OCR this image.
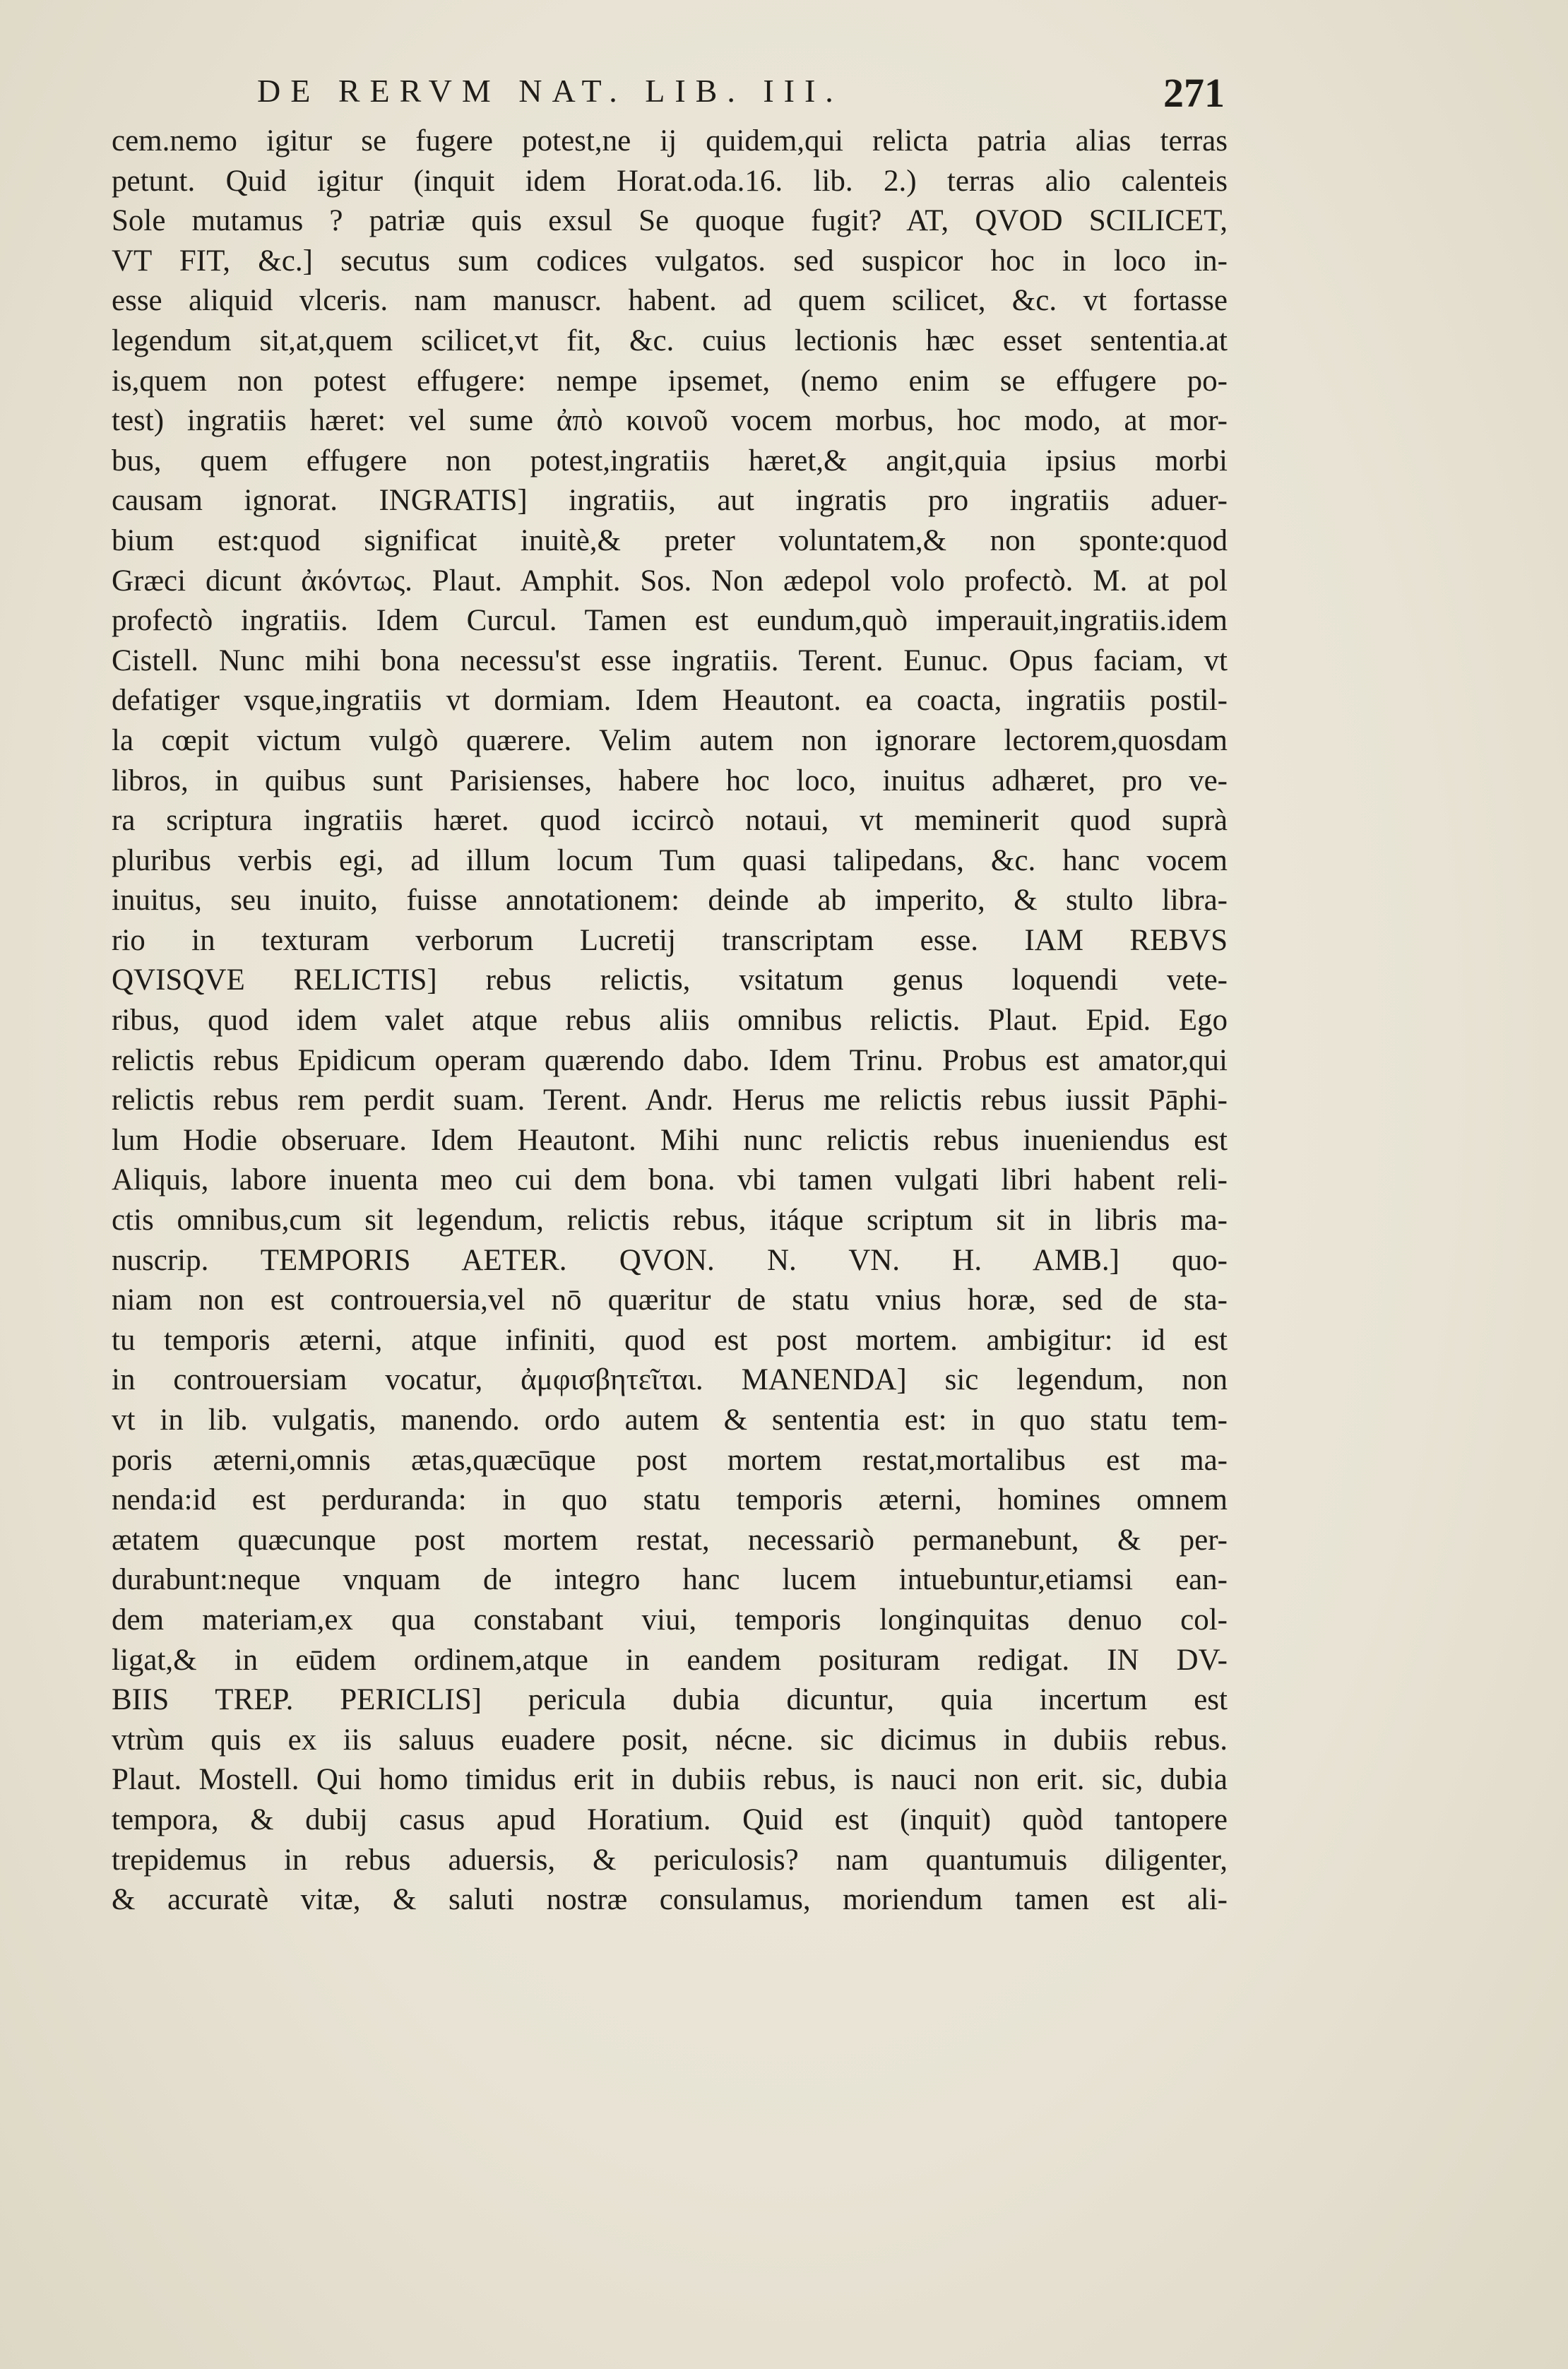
DE RERVM NAT. LIB. III.	271
cem.nemo igitur se fugere potest,ne ij quidem,qui relicta patria alias terras
petunt. Quid igitur (inquit idem Horat.oda.16. lib. 2.) terras alio calenteis
Sole mutamus ? patriæ quis exsul Se quoque fugit? AT, QVOD SCILICET,
VT FIT, &c.] secutus sum codices vulgatos. sed suspicor hoc in loco in-
esse aliquid vlceris. nam manuscr. habent. ad quem scilicet, &c. vt fortasse
legendum sit,at,quem scilicet,vt fit, &c. cuius lectionis hæc esset sententia.at
is,quem non potest effugere: nempe ipsemet, (nemo enim se effugere po-
test) ingratiis hæret: vel sume ἀπὸ κοινοῦ vocem morbus, hoc modo, at mor-
bus, quem effugere non potest,ingratiis hæret,& angit,quia ipsius morbi
causam ignorat. INGRATIS] ingratiis, aut ingratis pro ingratiis aduer-
bium est:quod significat inuitè,& preter voluntatem,& non sponte:quod
Græci dicunt ἀκόντως. Plaut. Amphit. Sos. Non ædepol volo profectò. M. at pol
profectò ingratiis. Idem Curcul. Tamen est eundum,quò imperauit,ingratiis.idem
Cistell. Nunc mihi bona necessu'st esse ingratiis. Terent. Eunuc. Opus faciam, vt
defatiger vsque,ingratiis vt dormiam. Idem Heautont. ea coacta, ingratiis postil-
la cœpit victum vulgò quærere. Velim autem non ignorare lectorem,quosdam
libros, in quibus sunt Parisienses, habere hoc loco, inuitus adhæret, pro ve-
ra scriptura ingratiis hæret. quod iccircò notaui, vt meminerit quod suprà
pluribus verbis egi, ad illum locum Tum quasi talipedans, &c. hanc vocem
inuitus, seu inuito, fuisse annotationem: deinde ab imperito, & stulto libra-
rio in texturam verborum Lucretij transcriptam esse. IAM REBVS
QVISQVE RELICTIS] rebus relictis, vsitatum genus loquendi vete-
ribus, quod idem valet atque rebus aliis omnibus relictis. Plaut. Epid. Ego
relictis rebus Epidicum operam quærendo dabo. Idem Trinu. Probus est amator,qui
relictis rebus rem perdit suam. Terent. Andr. Herus me relictis rebus iussit Pāphi-
lum Hodie obseruare. Idem Heautont. Mihi nunc relictis rebus inueniendus est
Aliquis, labore inuenta meo cui dem bona. vbi tamen vulgati libri habent reli-
ctis omnibus,cum sit legendum, relictis rebus, itáque scriptum sit in libris ma-
nuscrip. TEMPORIS AETER. QVON. N. VN. H. AMB.] quo-
niam non est controuersia,vel nō quæritur de statu vnius horæ, sed de sta-
tu temporis æterni, atque infiniti, quod est post mortem. ambigitur: id est
in controuersiam vocatur, ἀμφισβητεῖται. MANENDA] sic legendum, non
vt in lib. vulgatis, manendo. ordo autem & sententia est: in quo statu tem-
poris æterni,omnis ætas,quæcūque post mortem restat,mortalibus est ma-
nenda:id est perduranda: in quo statu temporis æterni, homines omnem
ætatem quæcunque post mortem restat, necessariò permanebunt, & per-
durabunt:neque vnquam de integro hanc lucem intuebuntur,etiamsi ean-
dem materiam,ex qua constabant viui, temporis longinquitas denuo col-
ligat,& in eūdem ordinem,atque in eandem posituram redigat. IN DV-
BIIS TREP. PERICLIS] pericula dubia dicuntur, quia incertum est
vtrùm quis ex iis saluus euadere posit, nécne. sic dicimus in dubiis rebus.
Plaut. Mostell. Qui homo timidus erit in dubiis rebus, is nauci non erit. sic, dubia
tempora, & dubij casus apud Horatium. Quid est (inquit) quòd tantopere
trepidemus in rebus aduersis, & periculosis? nam quantumuis diligenter,
& accuratè vitæ, & saluti nostræ consulamus, moriendum tamen est ali-
